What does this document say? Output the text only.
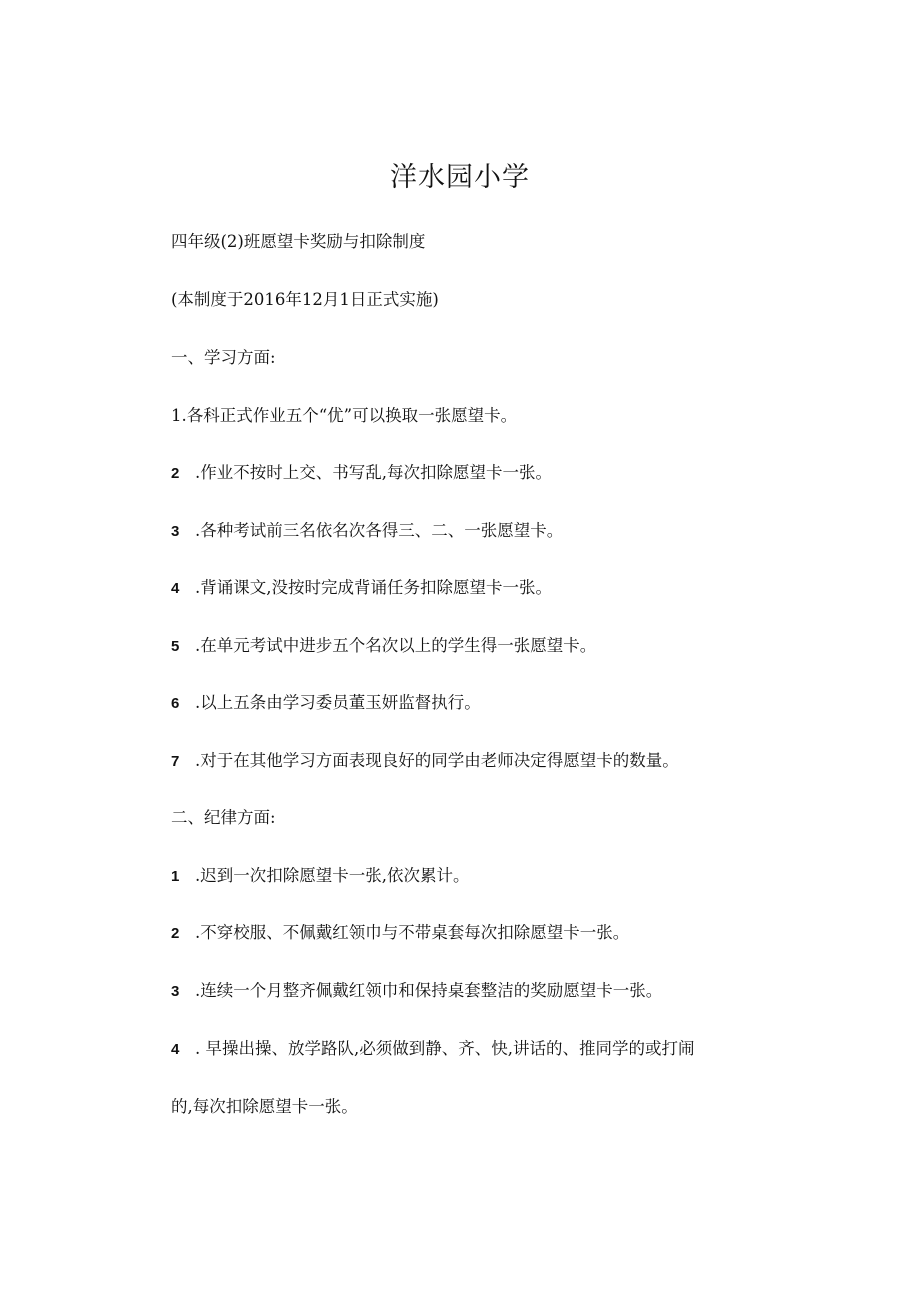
洋水园小学
四年级(2)班愿望卡奖励与扣除制度
(本制度于2016年12月1日正式实施)
一、学习方面:
1.各科正式作业五个“优”可以换取一张愿望卡。
2 .作业不按时上交、书写乱,每次扣除愿望卡一张。
3 .各种考试前三名依名次各得三、二、一张愿望卡。
4 .背诵课文,没按时完成背诵任务扣除愿望卡一张。
5 .在单元考试中进步五个名次以上的学生得一张愿望卡。
6 .以上五条由学习委员董玉妍监督执行。
7 .对于在其他学习方面表现良好的同学由老师决定得愿望卡的数量。
二、纪律方面:
1 .迟到一次扣除愿望卡一张,依次累计。
2 .不穿校服、不佩戴红领巾与不带桌套每次扣除愿望卡一张。
3 .连续一个月整齐佩戴红领巾和保持桌套整洁的奖励愿望卡一张。
4 . 早操出操、放学路队,必须做到静、齐、快,讲话的、推同学的或打闹
的,每次扣除愿望卡一张。
